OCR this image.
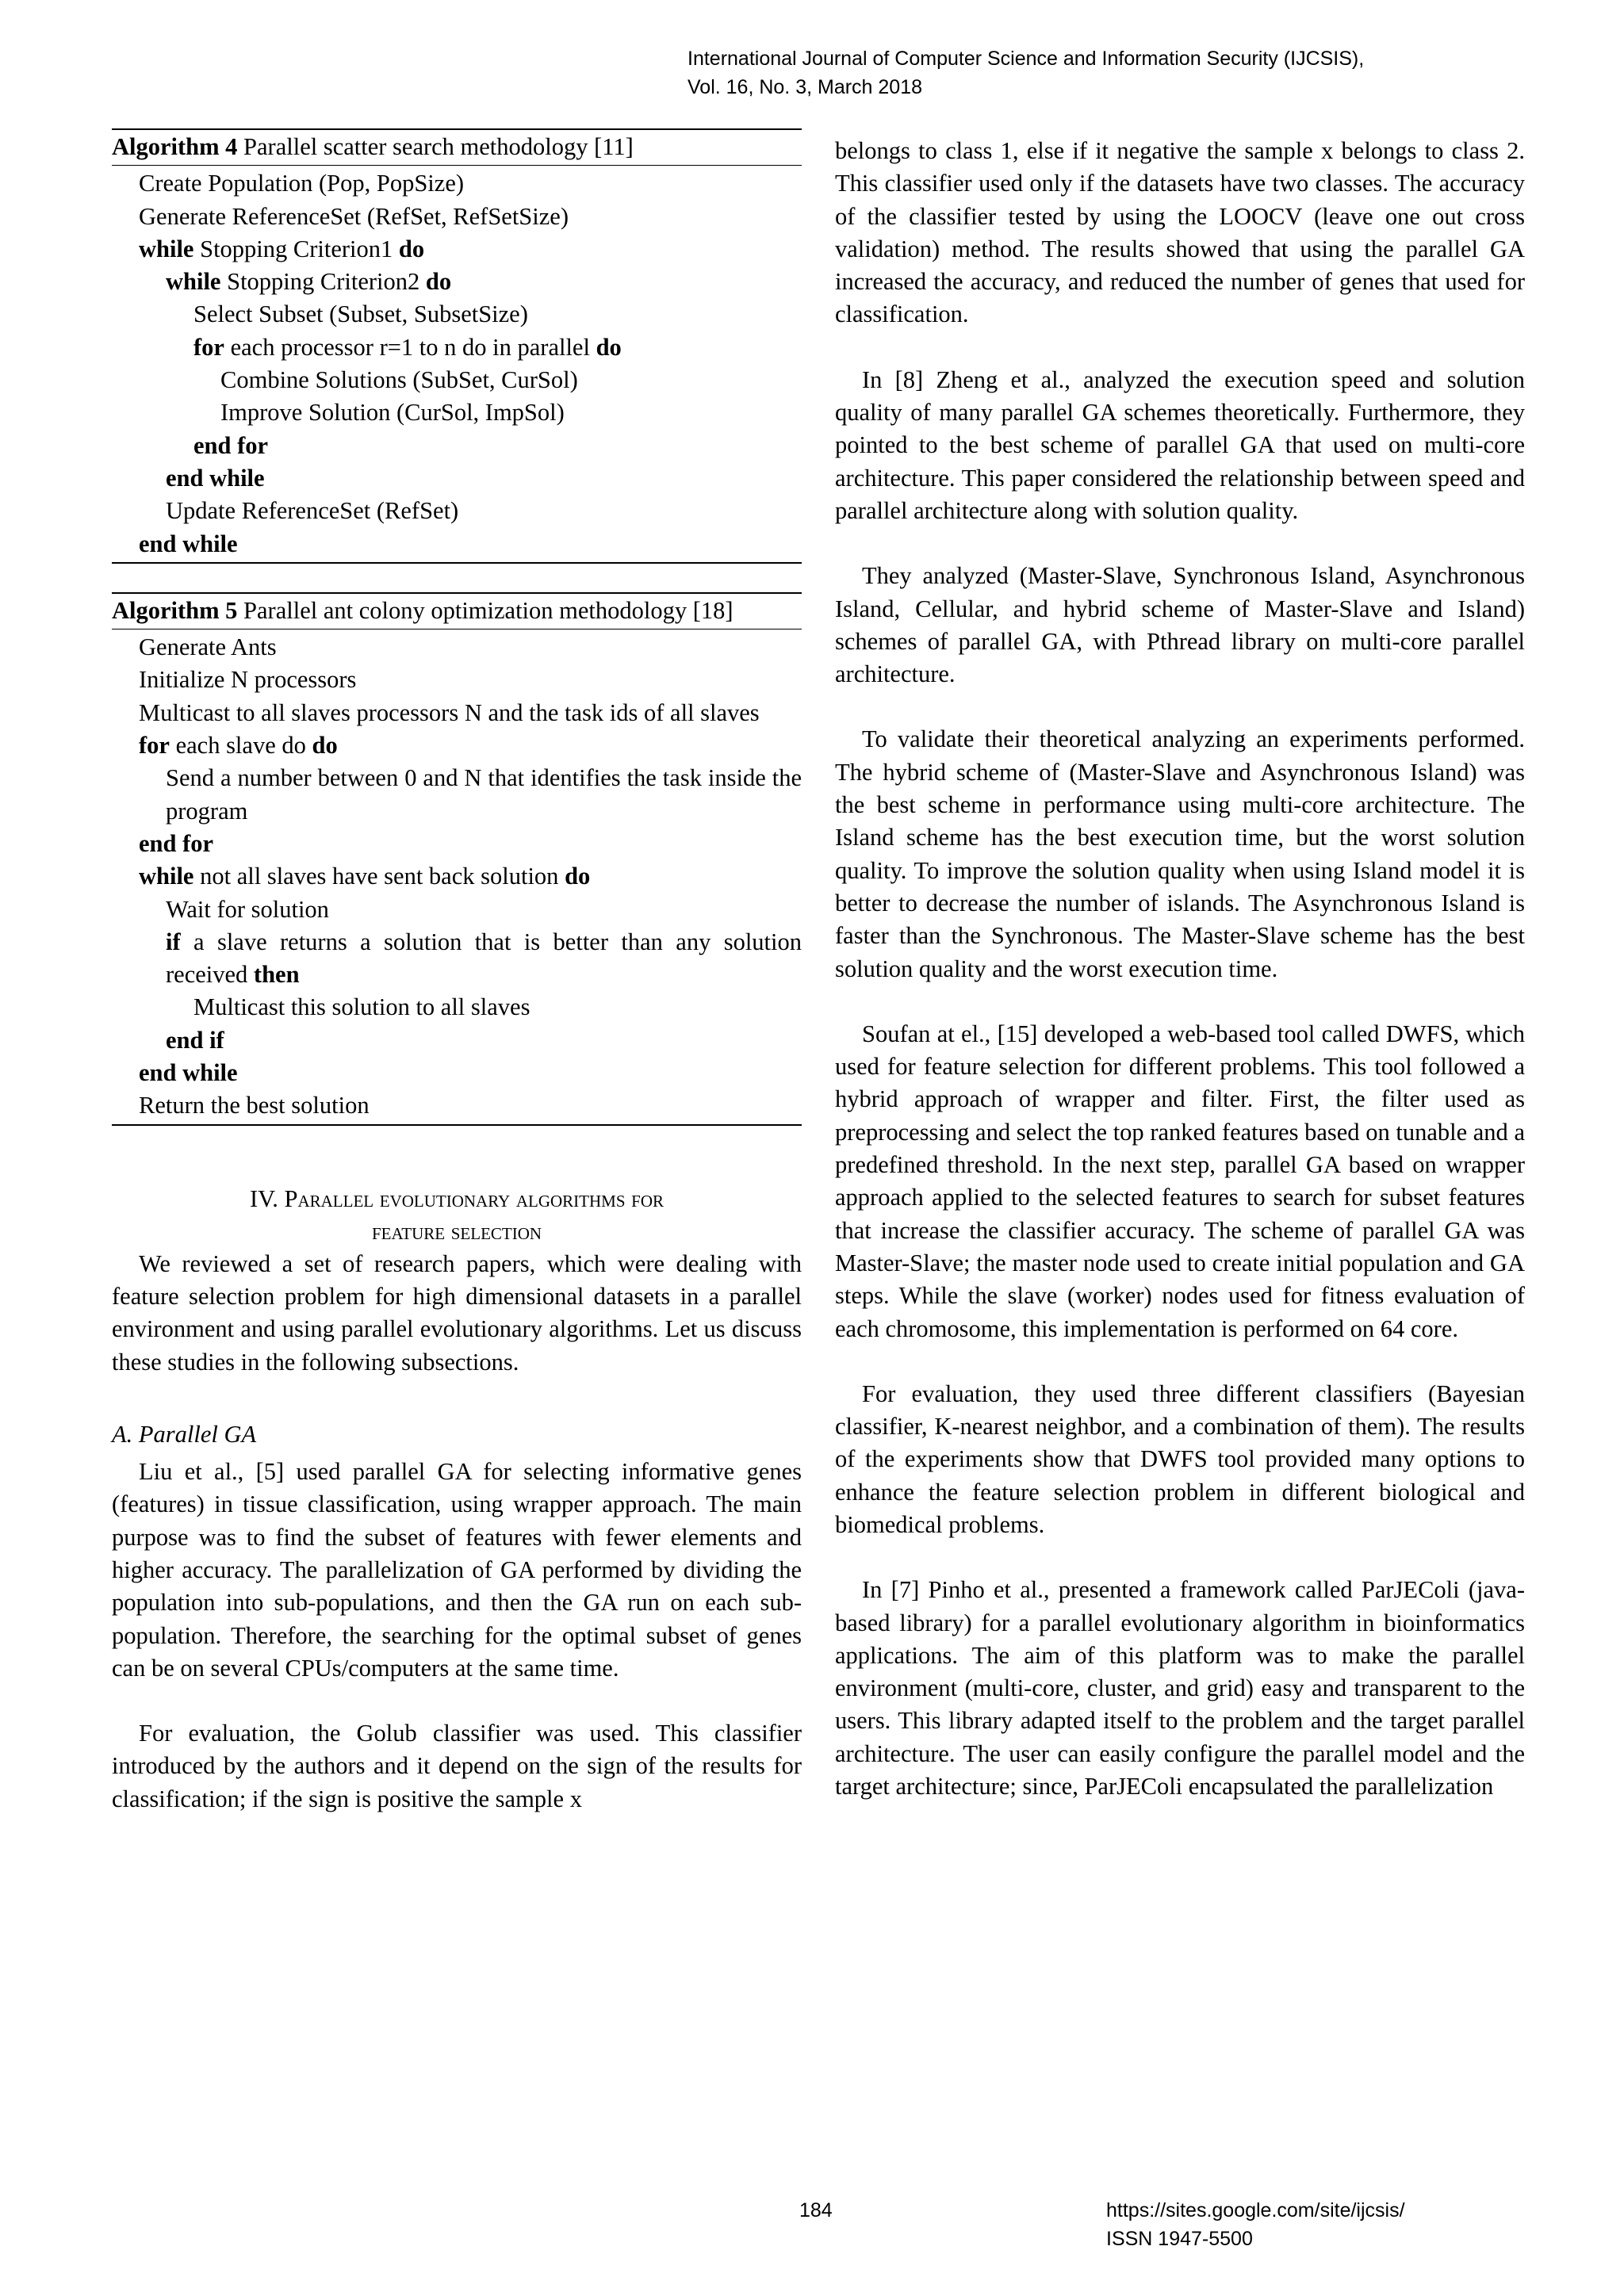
International Journal of Computer Science and Information Security (IJCSIS),
Vol. 16, No. 3, March 2018
Algorithm 4 Parallel scatter search methodology [11]
Create Population (Pop, PopSize)
Generate ReferenceSet (RefSet, RefSetSize)
while Stopping Criterion1 do
while Stopping Criterion2 do
Select Subset (Subset, SubsetSize)
for each processor r=1 to n do in parallel do
Combine Solutions (SubSet, CurSol)
Improve Solution (CurSol, ImpSol)
end for
end while
Update ReferenceSet (RefSet)
end while
Algorithm 5 Parallel ant colony optimization methodology [18]
Generate Ants
Initialize N processors
Multicast to all slaves processors N and the task ids of all slaves
for each slave do do
Send a number between 0 and N that identifies the task inside the program
end for
while not all slaves have sent back solution do
Wait for solution
if a slave returns a solution that is better than any solution received then
Multicast this solution to all slaves
end if
end while
Return the best solution
IV. Parallel evolutionary algorithms for
feature selection

We reviewed a set of research papers, which were dealing with feature selection problem for high dimensional datasets in a parallel environment and using parallel evolutionary algorithms. Let us discuss these studies in the following subsections.

A. Parallel GA

Liu et al., [5] used parallel GA for selecting informative genes (features) in tissue classification, using wrapper approach. The main purpose was to find the subset of features with fewer elements and higher accuracy. The parallelization of GA performed by dividing the population into sub-populations, and then the GA run on each sub-population. Therefore, the searching for the optimal subset of genes can be on several CPUs/computers at the same time.

For evaluation, the Golub classifier was used. This classifier introduced by the authors and it depend on the sign of the results for classification; if the sign is positive the sample x

belongs to class 1, else if it negative the sample x belongs to class 2. This classifier used only if the datasets have two classes. The accuracy of the classifier tested by using the LOOCV (leave one out cross validation) method. The results showed that using the parallel GA increased the accuracy, and reduced the number of genes that used for classification.

In [8] Zheng et al., analyzed the execution speed and solution quality of many parallel GA schemes theoretically. Furthermore, they pointed to the best scheme of parallel GA that used on multi-core architecture. This paper considered the relationship between speed and parallel architecture along with solution quality.

They analyzed (Master-Slave, Synchronous Island, Asynchronous Island, Cellular, and hybrid scheme of Master-Slave and Island) schemes of parallel GA, with Pthread library on multi-core parallel architecture.

To validate their theoretical analyzing an experiments performed. The hybrid scheme of (Master-Slave and Asynchronous Island) was the best scheme in performance using multi-core architecture. The Island scheme has the best execution time, but the worst solution quality. To improve the solution quality when using Island model it is better to decrease the number of islands. The Asynchronous Island is faster than the Synchronous. The Master-Slave scheme has the best solution quality and the worst execution time.

Soufan at el., [15] developed a web-based tool called DWFS, which used for feature selection for different problems. This tool followed a hybrid approach of wrapper and filter. First, the filter used as preprocessing and select the top ranked features based on tunable and a predefined threshold. In the next step, parallel GA based on wrapper approach applied to the selected features to search for subset features that increase the classifier accuracy. The scheme of parallel GA was Master-Slave; the master node used to create initial population and GA steps. While the slave (worker) nodes used for fitness evaluation of each chromosome, this implementation is performed on 64 core.

For evaluation, they used three different classifiers (Bayesian classifier, K-nearest neighbor, and a combination of them). The results of the experiments show that DWFS tool provided many options to enhance the feature selection problem in different biological and biomedical problems.

In [7] Pinho et al., presented a framework called ParJEColi (java-based library) for a parallel evolutionary algorithm in bioinformatics applications. The aim of this platform was to make the parallel environment (multi-core, cluster, and grid) easy and transparent to the users. This library adapted itself to the problem and the target parallel architecture. The user can easily configure the parallel model and the target architecture; since, ParJEColi encapsulated the parallelization

184	https://sites.google.com/site/ijcsis/
ISSN 1947-5500
